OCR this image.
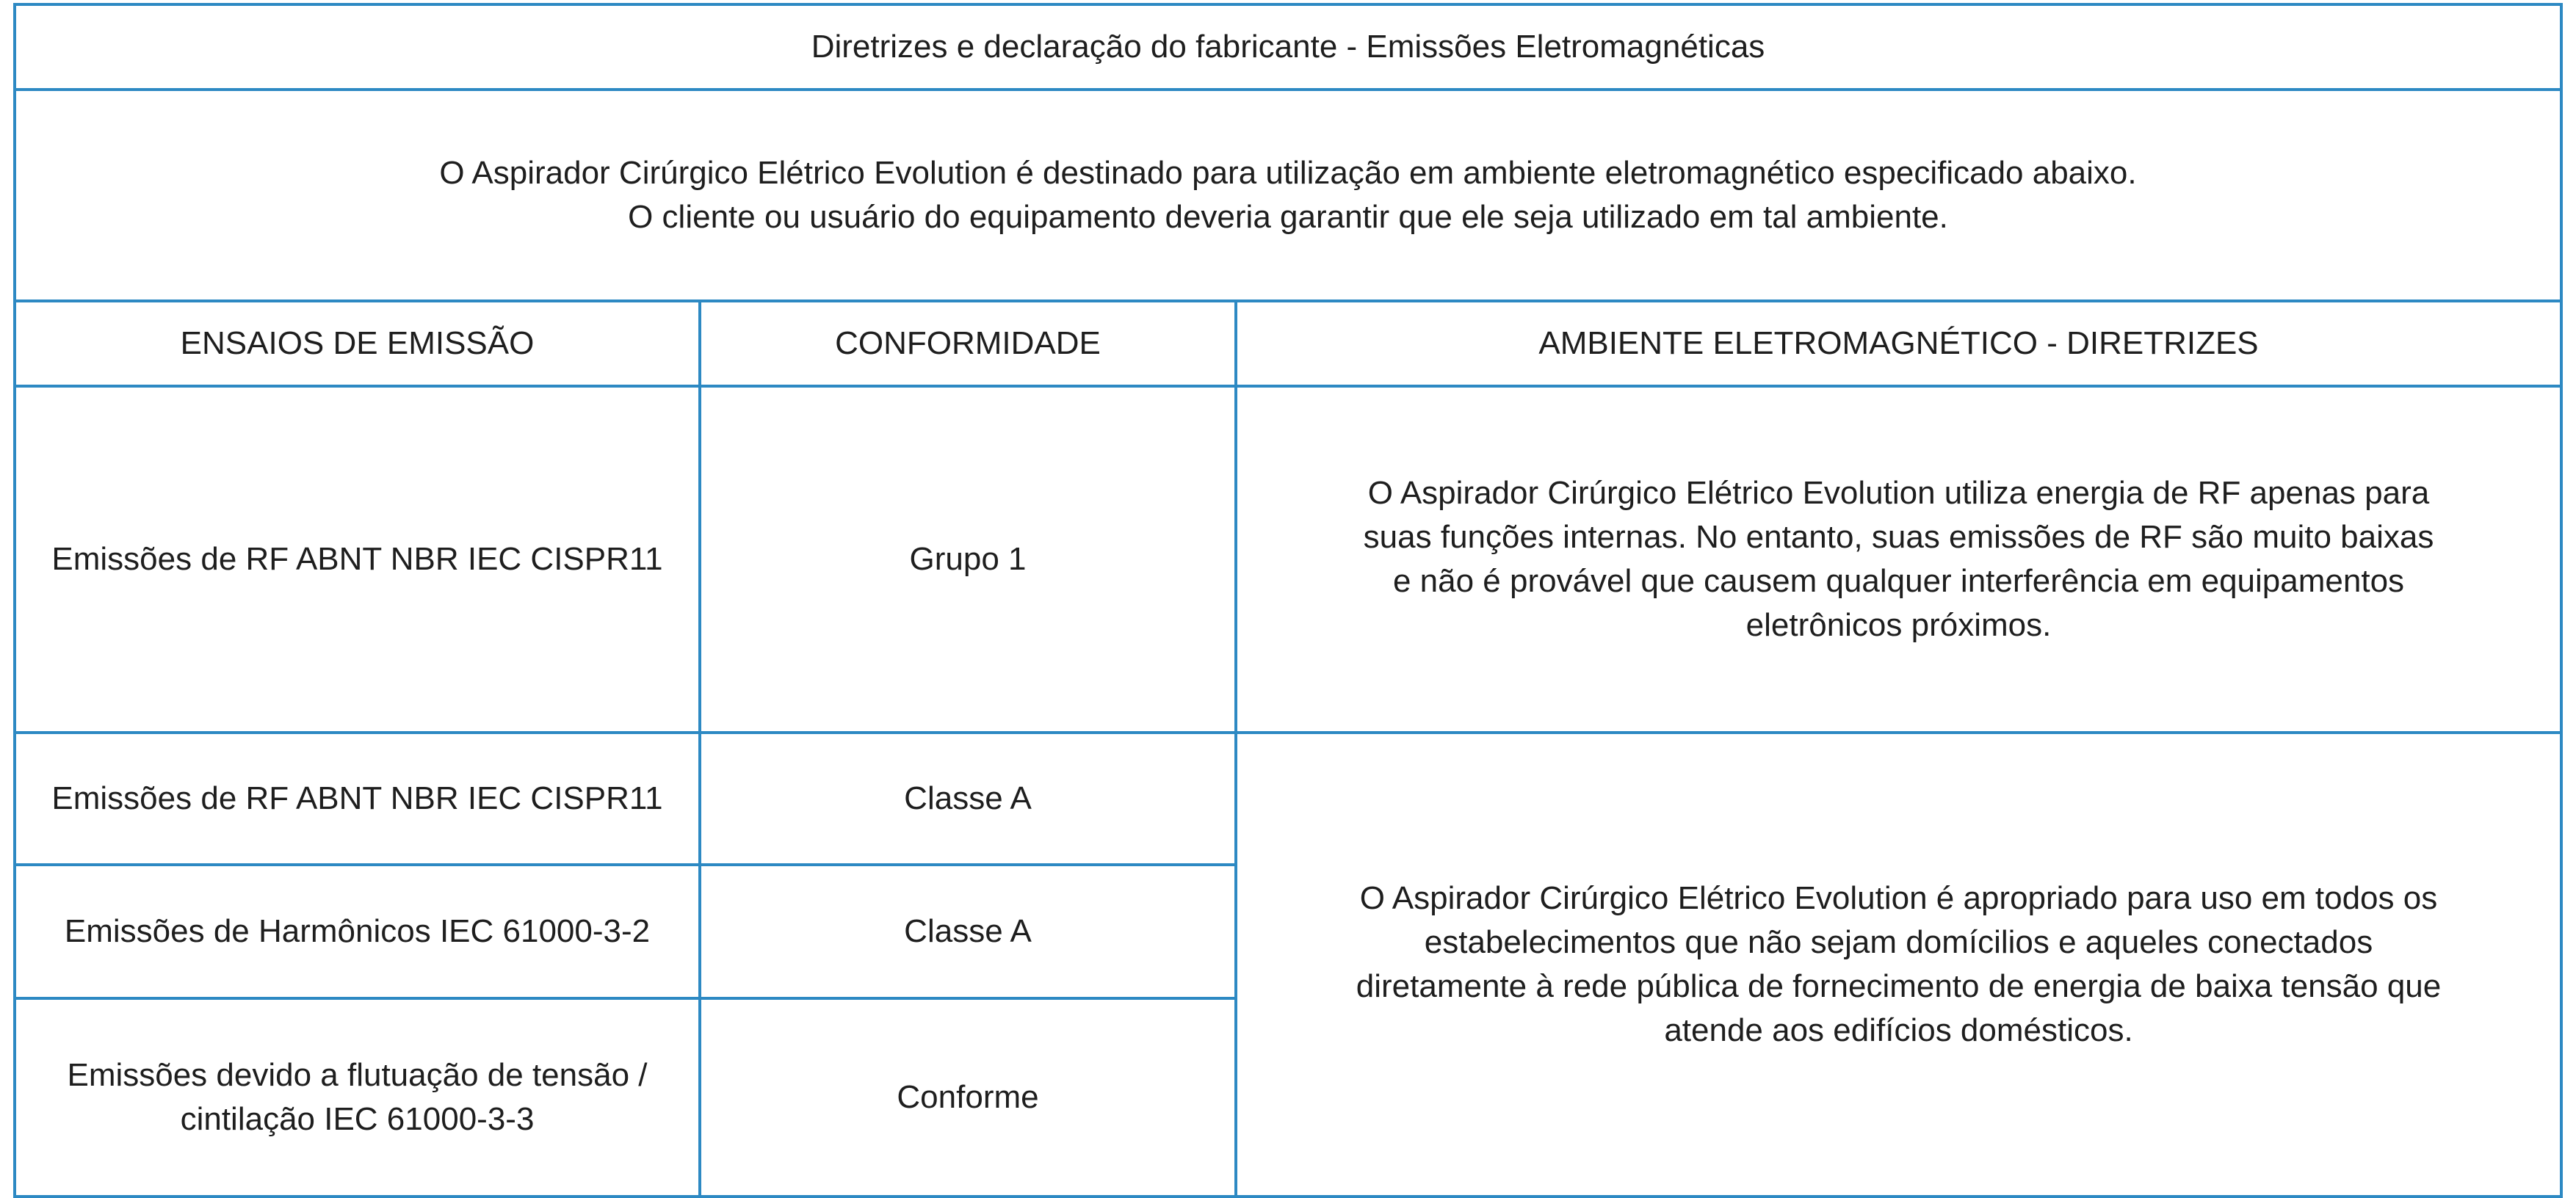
Diretrizes e declaração do fabricante - Emissões Eletromagnéticas		

O Aspirador Cirúrgico Elétrico Evolution é destinado para utilização em ambiente eletromagnético especificado abaixo.
O cliente ou usuário do equipamento deveria garantir que ele seja utilizado em tal ambiente.		

ENSAIOS DE EMISSÃO	CONFORMIDADE	AMBIENTE ELETROMAGNÉTICO - DIRETRIZES
Emissões de RF ABNT NBR IEC CISPR11	Grupo 1	O Aspirador Cirúrgico Elétrico Evolution utiliza energia de RF apenas para suas funções internas. No entanto, suas emissões de RF são muito baixas e não é provável que causem qualquer interferência em equipamentos eletrônicos próximos.
Emissões de RF ABNT NBR IEC CISPR11	Classe A	O Aspirador Cirúrgico Elétrico Evolution é apropriado para uso em todos os estabelecimentos que não sejam domícilios e aqueles conectados diretamente à rede pública de fornecimento de energia de baixa tensão que atende aos edifícios domésticos.
Emissões de Harmônicos IEC 61000-3-2	Classe A	

Emissões devido a flutuação de tensão /
cintilação IEC 61000-3-3	Conforme	
